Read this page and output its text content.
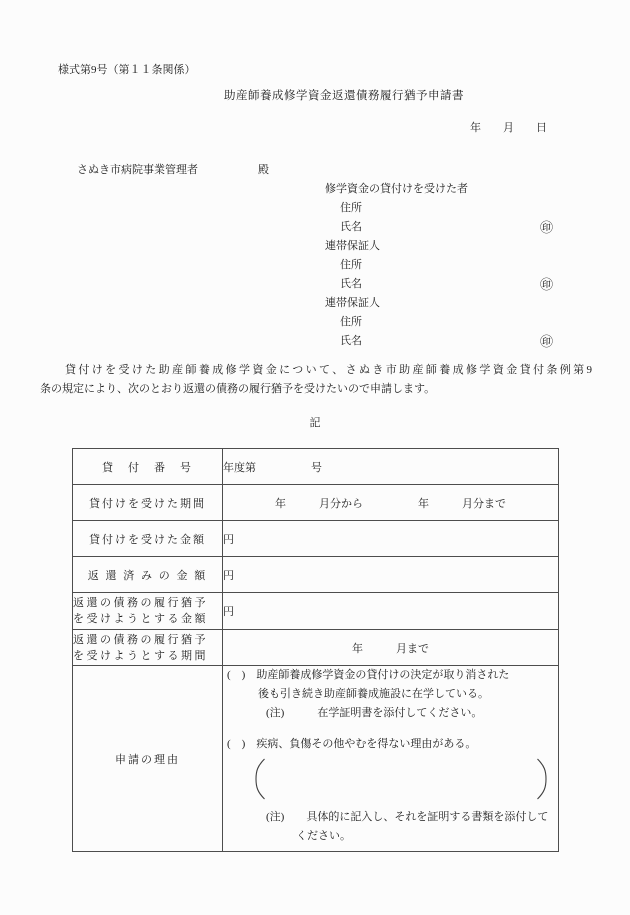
様式第9号（第１１条関係）
助産師養成修学資金返還債務履行猶予申請書
年　　月　　日
さぬき市病院事業管理者	殿
修学資金の貸付けを受けた者
住所
氏名	㊞
連帯保証人
住所
氏名	㊞
連帯保証人
住所
氏名	㊞
貸付けを受けた助産師養成修学資金について、さぬき市助産師養成修学資金貸付条例第9
条の規定により、次のとおり返還の債務の履行猶予を受けたいので申請します。
記
貸　付　番　号	年度第　　　　　号
貸付けを受けた期間	年　　　月分から　　　　　年　　　月分まで
貸付けを受けた金額	円
返 還 済 み の 金 額	円

返還の債務の履行猶予
を受けようとする金額	円

返還の債務の履行猶予
を受けようとする期間	年　　　月まで
申請の理由	
(　)　助産師養成修学資金の貸付けの決定が取り消された
後も引き続き助産師養成施設に在学している。
(注)　　　在学証明書を添付してください。
(　)　疾病、負傷その他やむを得ない理由がある。
(注)　　具体的に記入し、それを証明する書類を添付して
ください。
